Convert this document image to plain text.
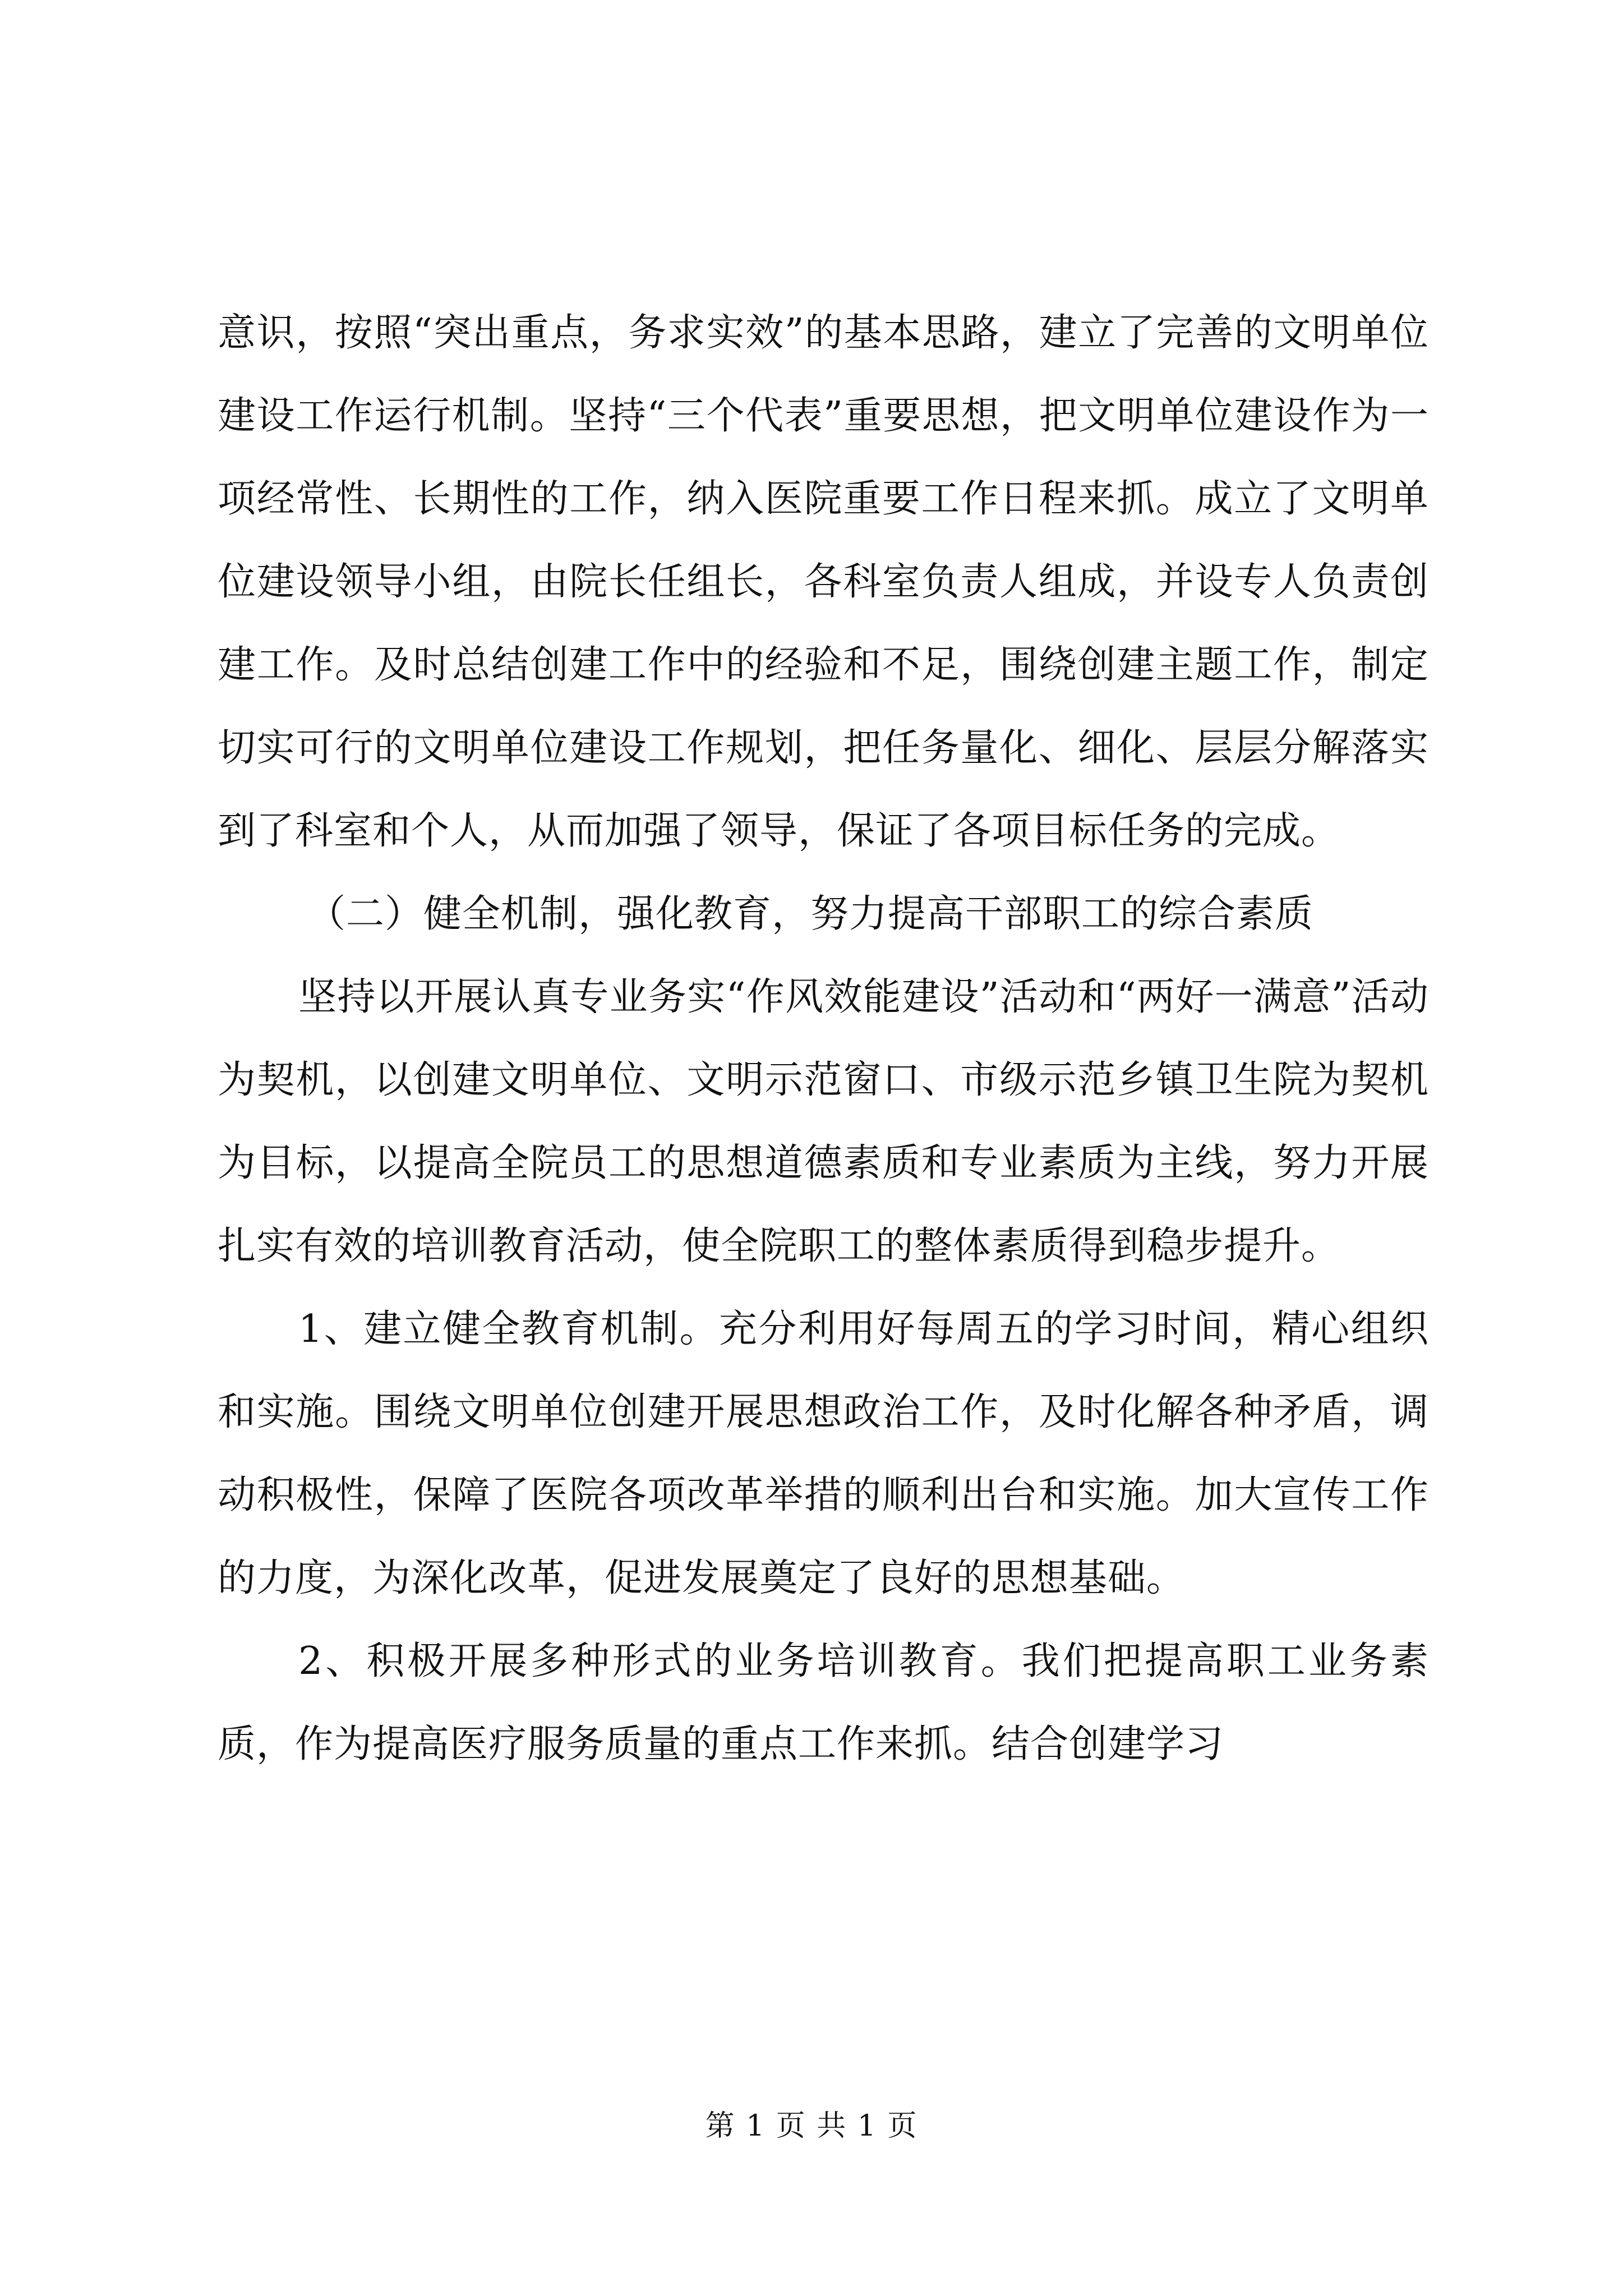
意识，按照“突出重点，务求实效”的基本思路，建立了完善的文明单位建设工作运行机制。坚持“三个代表”重要思想，把文明单位建设作为一项经常性、长期性的工作，纳入医院重要工作日程来抓。成立了文明单位建设领导小组，由院长任组长，各科室负责人组成，并设专人负责创建工作。及时总结创建工作中的经验和不足，围绕创建主题工作，制定切实可行的文明单位建设工作规划，把任务量化、细化、层层分解落实到了科室和个人，从而加强了领导，保证了各项目标任务的完成。

（二）健全机制，强化教育，努力提高干部职工的综合素质

坚持以开展认真专业务实“作风效能建设”活动和“两好一满意”活动为契机，以创建文明单位、文明示范窗口、市级示范乡镇卫生院为契机为目标，以提高全院员工的思想道德素质和专业素质为主线，努力开展扎实有效的培训教育活动，使全院职工的整体素质得到稳步提升。

1、建立健全教育机制。充分利用好每周五的学习时间，精心组织和实施。围绕文明单位创建开展思想政治工作，及时化解各种矛盾，调动积极性，保障了医院各项改革举措的顺利出台和实施。加大宣传工作的力度，为深化改革，促进发展奠定了良好的思想基础。

2、积极开展多种形式的业务培训教育。我们把提高职工业务素质，作为提高医疗服务质量的重点工作来抓。结合创建学习

第 1 页 共 1 页
